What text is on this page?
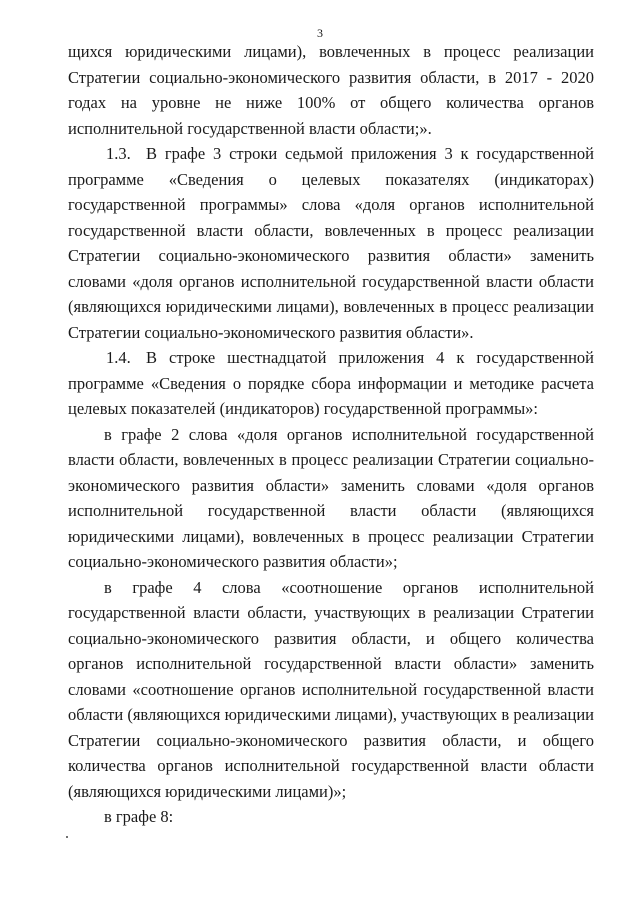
3

щихся юридическими лицами), вовлеченных в процесс реализации Стратегии социально-экономического развития области, в 2017 - 2020 годах на уровне не ниже 100% от общего количества органов исполнительной государственной власти области;».

1.3. В графе 3 строки седьмой приложения 3 к государственной программе «Сведения о целевых показателях (индикаторах) государственной программы» слова «доля органов исполнительной государственной власти области, вовлеченных в процесс реализации Стратегии социально-экономического развития области» заменить словами «доля органов исполнительной государственной власти области (являющихся юридическими лицами), вовлеченных в процесс реализации Стратегии социально-экономического развития области».

1.4. В строке шестнадцатой приложения 4 к государственной программе «Сведения о порядке сбора информации и методике расчета целевых показателей (индикаторов) государственной программы»:

в графе 2 слова «доля органов исполнительной государственной власти области, вовлеченных в процесс реализации Стратегии социально-экономического развития области» заменить словами «доля органов исполнительной государственной власти области (являющихся юридическими лицами), вовлеченных в процесс реализации Стратегии социально-экономического развития области»;

в графе 4 слова «соотношение органов исполнительной государственной власти области, участвующих в реализации Стратегии социально-экономического развития области, и общего количества органов исполнительной государственной власти области» заменить словами «соотношение органов исполнительной государственной власти области (являющихся юридическими лицами), участвующих в реализации Стратегии социально-экономического развития области, и общего количества органов исполнительной государственной власти области (являющихся юридическими лицами)»;

в графе 8:
